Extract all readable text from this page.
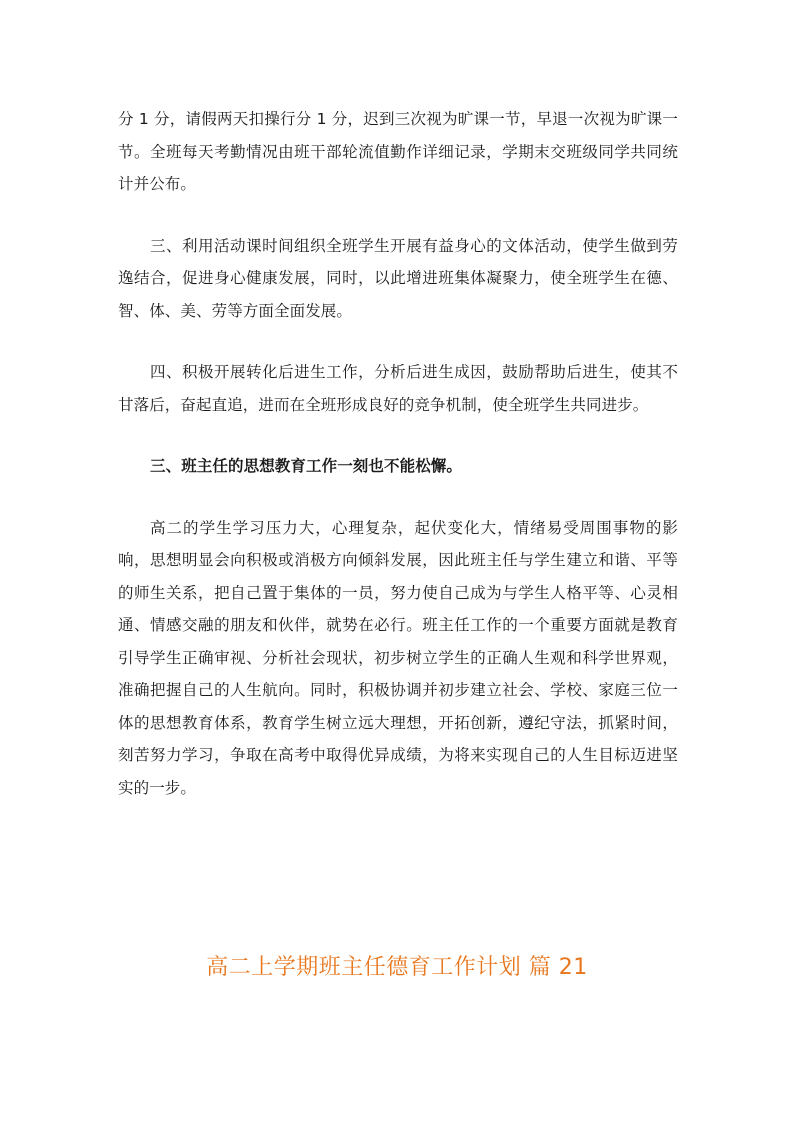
分 1 分，请假两天扣操行分 1 分，迟到三次视为旷课一节，早退一次视为旷课一节。全班每天考勤情况由班干部轮流值勤作详细记录，学期末交班级同学共同统计并公布。

三、利用活动课时间组织全班学生开展有益身心的文体活动，使学生做到劳逸结合，促进身心健康发展，同时，以此增进班集体凝聚力，使全班学生在德、智、体、美、劳等方面全面发展。

四、积极开展转化后进生工作，分析后进生成因，鼓励帮助后进生，使其不甘落后，奋起直追，进而在全班形成良好的竞争机制，使全班学生共同进步。

三、班主任的思想教育工作一刻也不能松懈。

高二的学生学习压力大，心理复杂，起伏变化大，情绪易受周围事物的影响，思想明显会向积极或消极方向倾斜发展，因此班主任与学生建立和谐、平等的师生关系，把自己置于集体的一员，努力使自己成为与学生人格平等、心灵相通、情感交融的朋友和伙伴，就势在必行。班主任工作的一个重要方面就是教育引导学生正确审视、分析社会现状，初步树立学生的正确人生观和科学世界观，准确把握自己的人生航向。同时，积极协调并初步建立社会、学校、家庭三位一体的思想教育体系，教育学生树立远大理想，开拓创新，遵纪守法，抓紧时间，刻苦努力学习，争取在高考中取得优异成绩，为将来实现自己的人生目标迈进坚实的一步。

高二上学期班主任德育工作计划 篇 21
